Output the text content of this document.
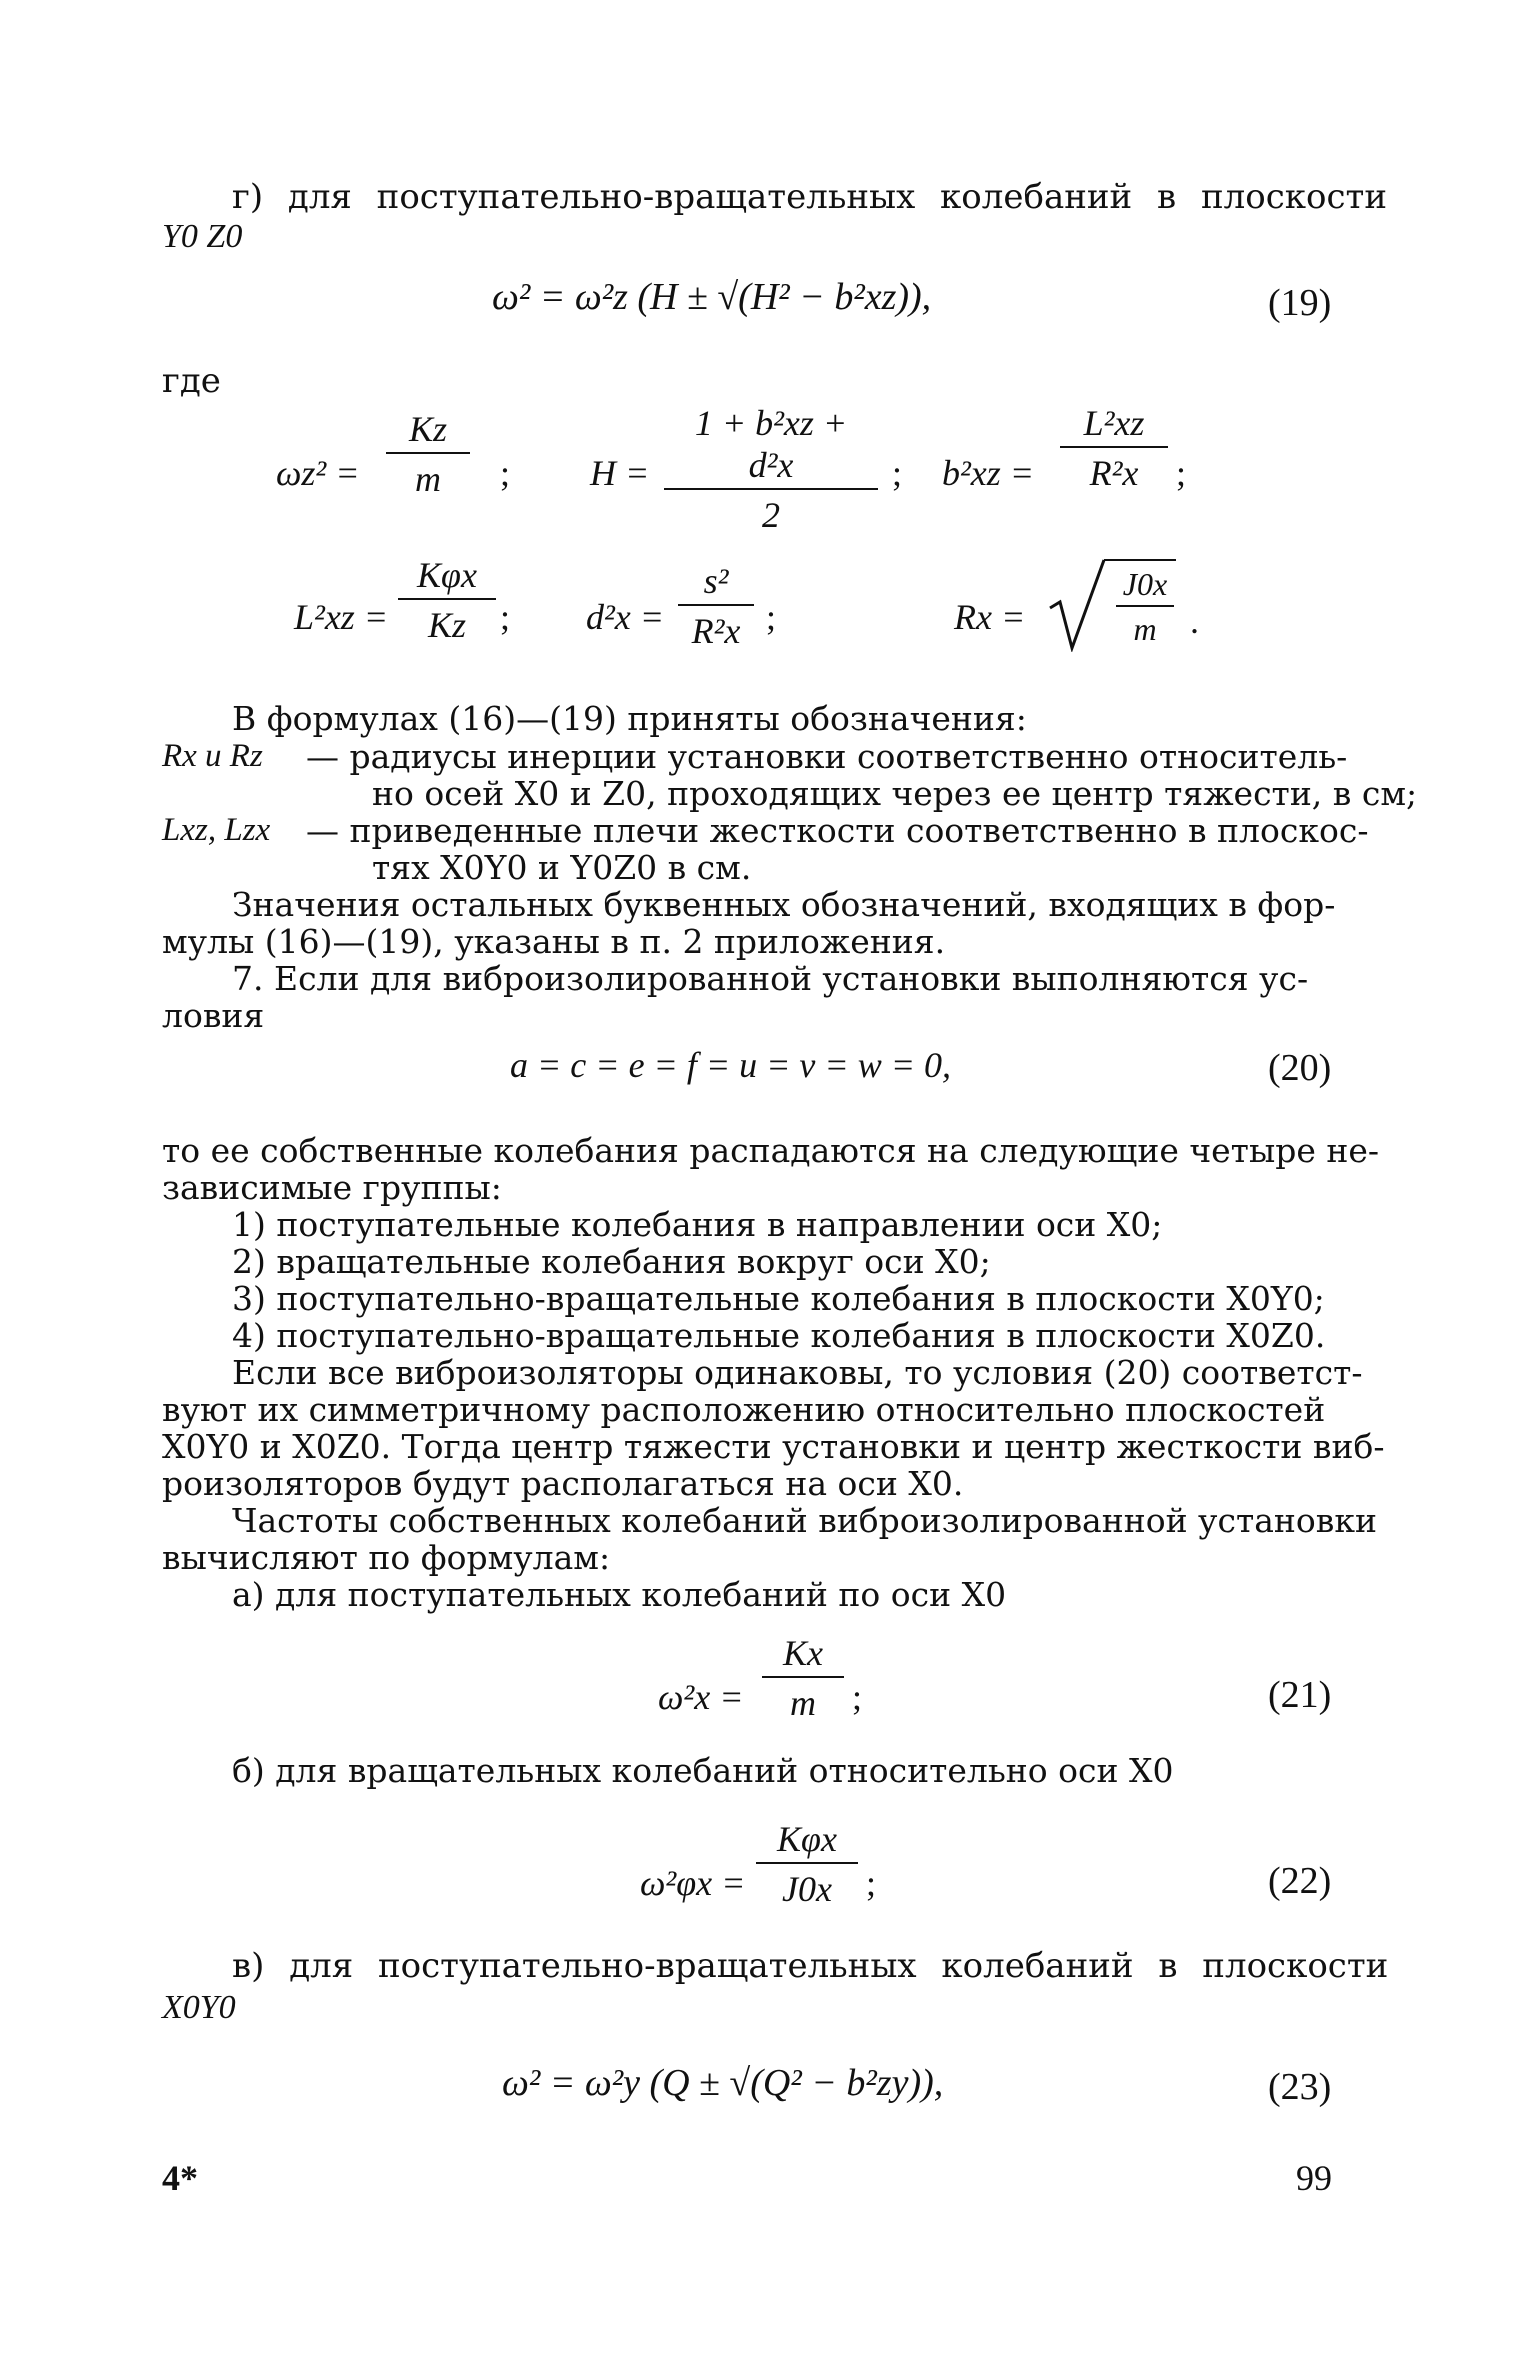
г) для поступательно-вращательных колебаний в плоскости
Y0 Z0
ω² = ω²z (H ± √(H² − b²xz)),	(19)
где
$\omega z^2 = \frac{Kz}{m}$ ; $H = \frac{\text{1 + b²xz + d²x}}{2}$ ; $b^2xz = \frac{\text{L²xz}}{\text{R²x}}$ ;
L²xz =
Kφx
Kz ; $d^2x = \frac{\text{s²}}{\text{R²x}}$ ;	Rx =	$\frac{J0x}{m}$ .
В формулах (16)—(19) приняты обозначения:
Rx и Rz — радиусы инерции установки соответственно относитель-
но осей X0 и Z0, проходящих через ее центр тяжести, в см;
Lxz, Lzx — приведенные плечи жесткости соответственно в плоскос-
тях X0Y0 и Y0Z0 в см.
Значения остальных буквенных обозначений, входящих в фор-
мулы (16)—(19), указаны в п. 2 приложения.
7. Если для виброизолированной установки выполняются ус-
ловия
a = c = e = f = u = v = w = 0,	(20)
то ее собственные колебания распадаются на следующие четыре не-
зависимые группы:
1) поступательные колебания в направлении оси X0;
2) вращательные колебания вокруг оси X0;
3) поступательно-вращательные колебания в плоскости X0Y0;
4) поступательно-вращательные колебания в плоскости X0Z0.
Если все виброизоляторы одинаковы, то условия (20) соответст-
вуют их симметричному расположению относительно плоскостей
X0Y0 и X0Z0. Тогда центр тяжести установки и центр жесткости виб-
роизоляторов будут располагаться на оси X0.
Частоты собственных колебаний виброизолированной установки
вычисляют по формулам:
а) для поступательных колебаний по оси X0
$\omega^2x = \frac{Kx}{m}$ ;	(21)
б) для вращательных колебаний относительно оси X0
ω²φx =
Kφx
J0x ;	(22)
в) для поступательно-вращательных колебаний в плоскости
X0Y0
ω² = ω²y (Q ± √(Q² − b²zy)),	(23)
4*	99
